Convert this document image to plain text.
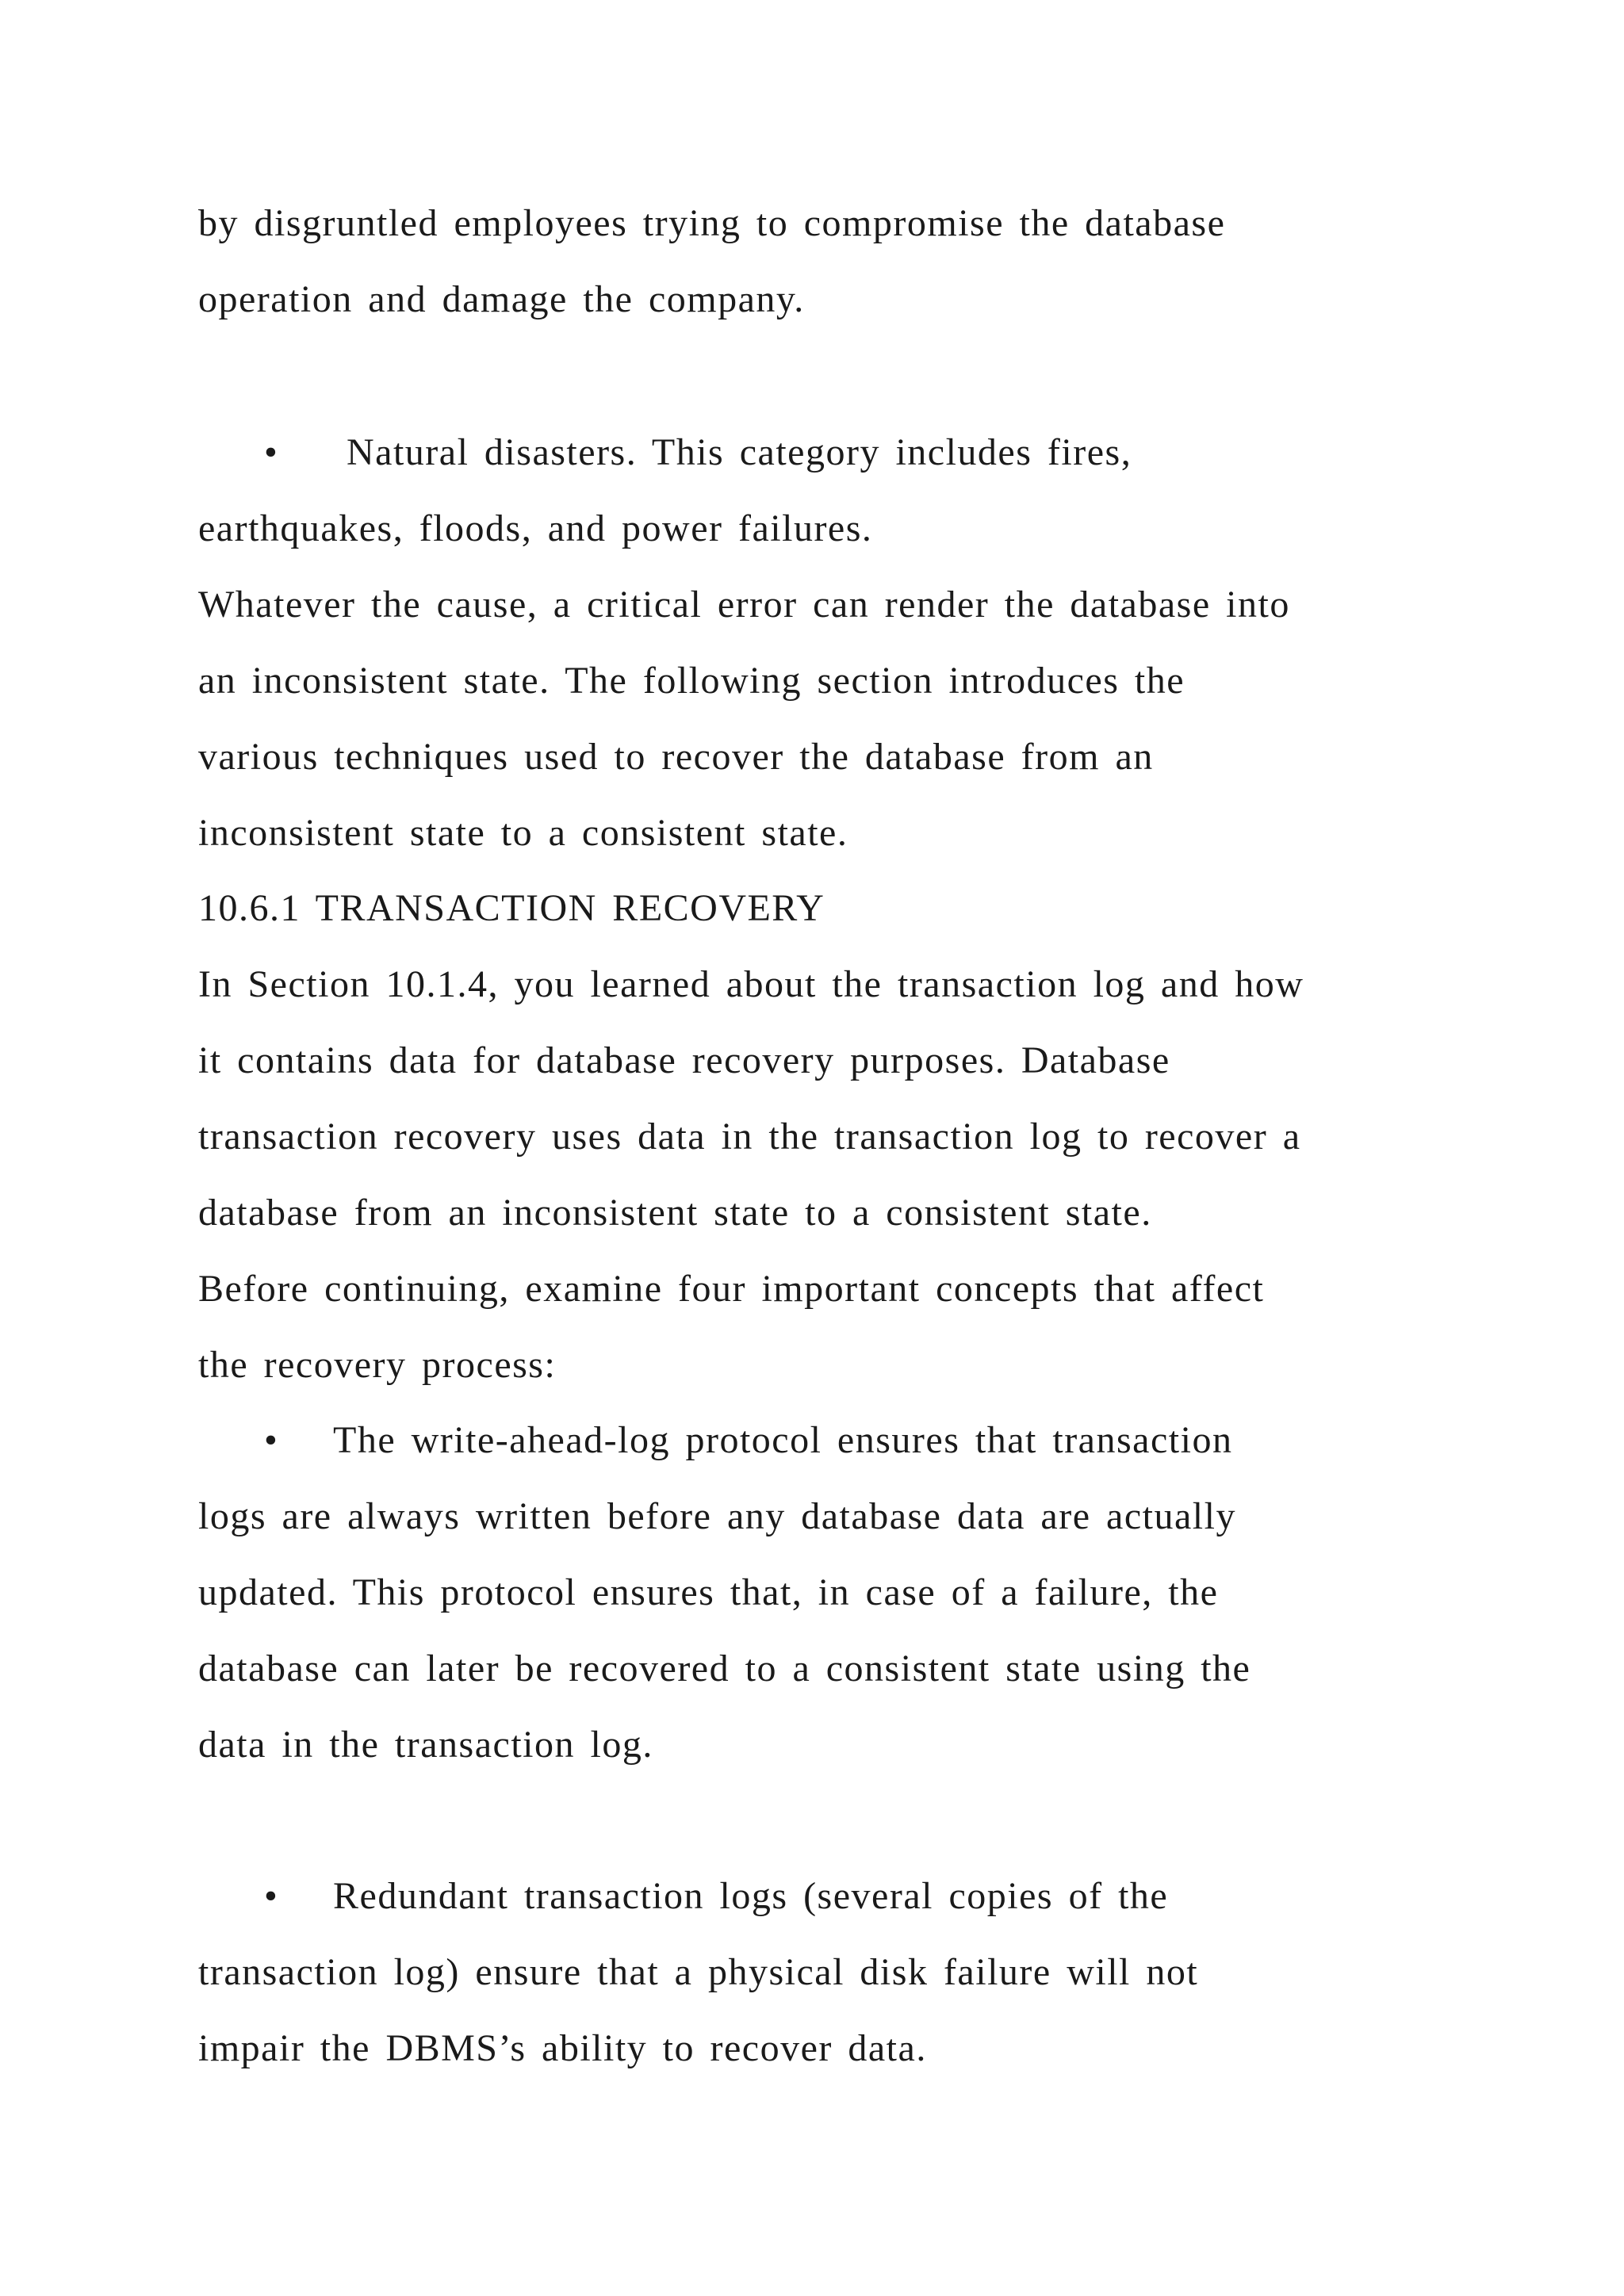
by disgruntled employees trying to compromise the database
operation and damage the company.
• Natural disasters. This category includes fires,
earthquakes, floods, and power failures.
Whatever the cause, a critical error can render the database into
an inconsistent state. The following section introduces the
various techniques used to recover the database from an
inconsistent state to a consistent state.
10.6.1 TRANSACTION RECOVERY
In Section 10.1.4, you learned about the transaction log and how
it contains data for database recovery purposes. Database
transaction recovery uses data in the transaction log to recover a
database from an inconsistent state to a consistent state.
Before continuing, examine four important concepts that affect
the recovery process:
• The write-ahead-log protocol ensures that transaction
logs are always written before any database data are actually
updated. This protocol ensures that, in case of a failure, the
database can later be recovered to a consistent state using the
data in the transaction log.
• Redundant transaction logs (several copies of the
transaction log) ensure that a physical disk failure will not
impair the DBMS’s ability to recover data.
